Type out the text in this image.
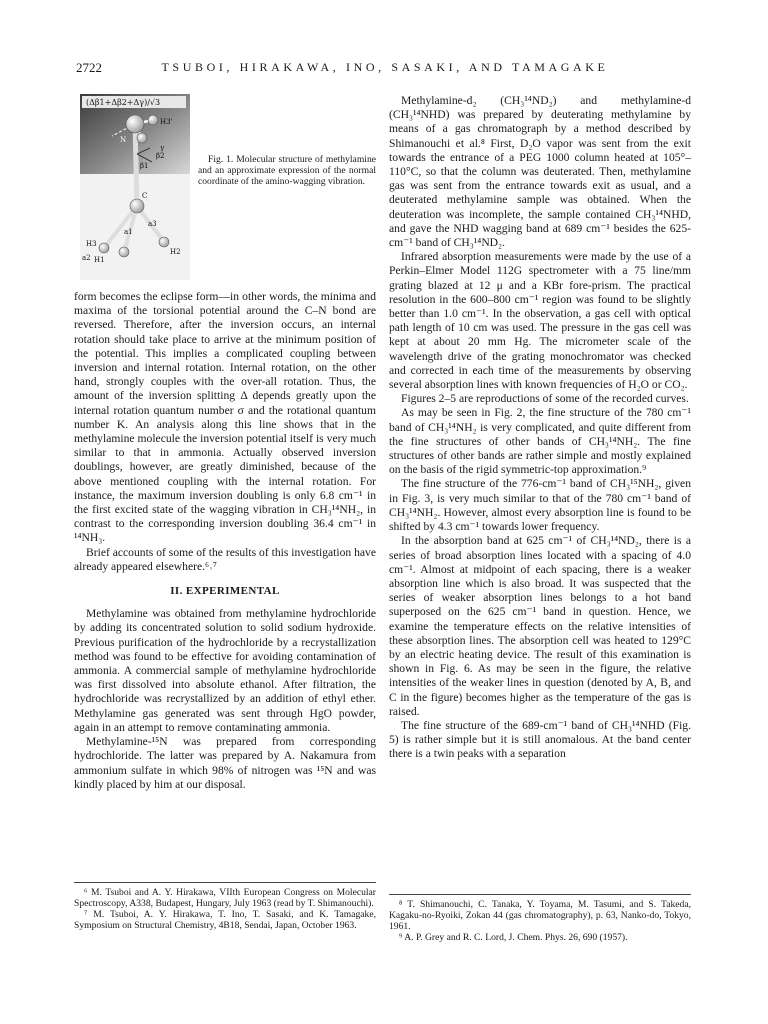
2722	TSUBOI, HIRAKAWA, INO, SASAKI, AND TAMAGAKE
(Δβ1+Δβ2+Δγ)/√3
H3'
N
β1
β2
γ
C
H3
H1
H2
a1
a2
a3
Fig. 1. Molecular structure of methylamine and an approximate expression of the normal coordinate of the amino-wagging vibration.

form becomes the eclipse form—in other words, the minima and maxima of the torsional potential around the C–N bond are reversed. Therefore, after the inversion occurs, an internal rotation should take place to arrive at the minimum position of the potential. This implies a complicated coupling between inversion and internal rotation. Internal rotation, on the other hand, strongly couples with the over-all rotation. Thus, the amount of the inversion splitting Δ depends greatly upon the internal rotation quantum number σ and the rotational quantum number K. An analysis along this line shows that in the methylamine molecule the inversion potential itself is very much similar to that in ammonia. Actually observed inversion doublings, however, are greatly diminished, because of the above mentioned coupling with the internal rotation. For instance, the maximum inversion doubling is only 6.8 cm⁻¹ in the first excited state of the wagging vibration in CH₃¹⁴NH₂, in contrast to the corresponding inversion doubling 36.4 cm⁻¹ in ¹⁴NH₃.

Brief accounts of some of the results of this investigation have already appeared elsewhere.⁶˒⁷

II. EXPERIMENTAL

Methylamine was obtained from methylamine hydrochloride by adding its concentrated solution to solid sodium hydroxide. Previous purification of the hydrochloride by a recrystallization method was found to be effective for avoiding contamination of ammonia. A commercial sample of methylamine hydrochloride was first dissolved into absolute ethanol. After filtration, the hydrochloride was recrystallized by an addition of ethyl ether. Methylamine gas generated was sent through HgO powder, again in an attempt to remove contaminating ammonia.

Methylamine-¹⁵N was prepared from corresponding hydrochloride. The latter was prepared by A. Nakamura from ammonium sulfate in which 98% of nitrogen was ¹⁵N and was kindly placed by him at our disposal.

Methylamine-d₂ (CH₃¹⁴ND₂) and methylamine-d (CH₃¹⁴NHD) was prepared by deuterating methylamine by means of a gas chromatograph by a method described by Shimanouchi et al.⁸ First, D₂O vapor was sent from the exit towards the entrance of a PEG 1000 column heated at 105°–110°C, so that the column was deuterated. Then, methylamine gas was sent from the entrance towards exit as usual, and a deuterated methylamine sample was obtained. When the deuteration was incomplete, the sample contained CH₃¹⁴NHD, and gave the NHD wagging band at 689 cm⁻¹ besides the 625-cm⁻¹ band of CH₃¹⁴ND₂.

Infrared absorption measurements were made by the use of a Perkin–Elmer Model 112G spectrometer with a 75 line/mm grating blazed at 12 μ and a KBr fore-prism. The practical resolution in the 600–800 cm⁻¹ region was found to be slightly better than 1.0 cm⁻¹. In the observation, a gas cell with optical path length of 10 cm was used. The pressure in the gas cell was kept at about 20 mm Hg. The micrometer scale of the wavelength drive of the grating monochromator was checked and corrected in each time of the measurements by observing several absorption lines with known frequencies of H₂O or CO₂.

Figures 2–5 are reproductions of some of the recorded curves.

As may be seen in Fig. 2, the fine structure of the 780 cm⁻¹ band of CH₃¹⁴NH₂ is very complicated, and quite different from the fine structures of other bands of CH₃¹⁴NH₂. The fine structures of other bands are rather simple and mostly explained on the basis of the rigid symmetric-top approximation.⁹

The fine structure of the 776-cm⁻¹ band of CH₃¹⁵NH₂, given in Fig. 3, is very much similar to that of the 780 cm⁻¹ band of CH₃¹⁴NH₂. However, almost every absorption line is found to be shifted by 4.3 cm⁻¹ towards lower frequency.

In the absorption band at 625 cm⁻¹ of CH₃¹⁴ND₂, there is a series of broad absorption lines located with a spacing of 4.0 cm⁻¹. Almost at midpoint of each spacing, there is a weaker absorption line which is also broad. It was suspected that the series of weaker absorption lines belongs to a hot band superposed on the 625 cm⁻¹ band in question. Hence, we examine the temperature effects on the relative intensities of these absorption lines. The absorption cell was heated to 129°C by an electric heating device. The result of this examination is shown in Fig. 6. As may be seen in the figure, the relative intensities of the weaker lines in question (denoted by A, B, and C in the figure) becomes higher as the temperature of the gas is raised.

The fine structure of the 689-cm⁻¹ band of CH₃¹⁴NHD (Fig. 5) is rather simple but it is still anomalous. At the band center there is a twin peaks with a separation

⁶ M. Tsuboi and A. Y. Hirakawa, VIIth European Congress on Molecular Spectroscopy, A338, Budapest, Hungary, July 1963 (read by T. Shimanouchi).

⁷ M. Tsuboi, A. Y. Hirakawa, T. Ino, T. Sasaki, and K. Tamagake, Symposium on Structural Chemistry, 4B18, Sendai, Japan, October 1963.

⁸ T. Shimanouchi, C. Tanaka, Y. Toyama, M. Tasumi, and S. Takeda, Kagaku-no-Ryoiki, Zokan 44 (gas chromatography), p. 63, Nanko-do, Tokyo, 1961.

⁹ A. P. Grey and R. C. Lord, J. Chem. Phys. 26, 690 (1957).
